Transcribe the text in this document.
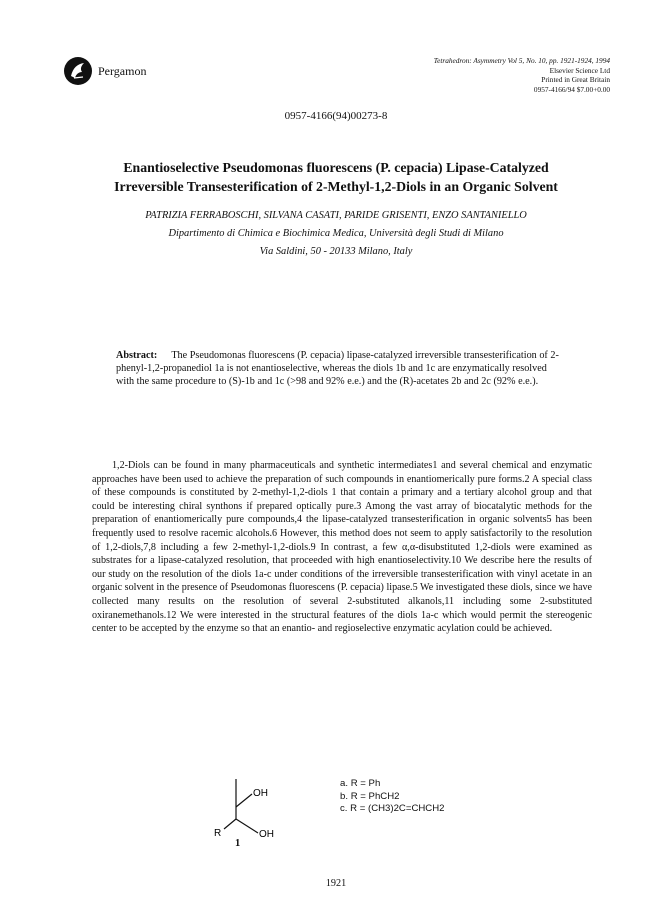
Pergamon
Tetrahedron: Asymmetry Vol 5, No. 10, pp. 1921-1924, 1994
Elsevier Science Ltd
Printed in Great Britain
0957-4166/94 $7.00+0.00
0957-4166(94)00273-8
Enantioselective Pseudomonas fluorescens (P. cepacia) Lipase-Catalyzed
Irreversible Transesterification of 2-Methyl-1,2-Diols in an Organic Solvent
PATRIZIA FERRABOSCHI, SILVANA CASATI, PARIDE GRISENTI, ENZO SANTANIELLO
Dipartimento di Chimica e Biochimica Medica, Università degli Studi di Milano
Via Saldini, 50 - 20133 Milano, Italy
Abstract: The Pseudomonas fluorescens (P. cepacia) lipase-catalyzed irreversible transesterification of 2-phenyl-1,2-propanediol 1a is not enantioselective, whereas the diols 1b and 1c are enzymatically resolved with the same procedure to (S)-1b and 1c (>98 and 92% e.e.) and the (R)-acetates 2b and 2c (92% e.e.).
1,2-Diols can be found in many pharmaceuticals and synthetic intermediates1 and several chemical and enzymatic approaches have been used to achieve the preparation of such compounds in enantiomerically pure forms.2 A special class of these compounds is constituted by 2-methyl-1,2-diols 1 that contain a primary and a tertiary alcohol group and that could be interesting chiral synthons if prepared optically pure.3 Among the vast array of biocatalytic methods for the preparation of enantiomerically pure compounds,4 the lipase-catalyzed transesterification in organic solvents5 has been frequently used to resolve racemic alcohols.6 However, this method does not seem to apply satisfactorily to the resolution of 1,2-diols,7,8 including a few 2-methyl-1,2-diols.9 In contrast, a few α,α-disubstituted 1,2-diols were examined as substrates for a lipase-catalyzed resolution, that proceeded with high enantioselectivity.10 We describe here the results of our study on the resolution of the diols 1a-c under conditions of the irreversible transesterification with vinyl acetate in an organic solvent in the presence of Pseudomonas fluorescens (P. cepacia) lipase.5 We investigated these diols, since we have collected many results on the resolution of several 2-substituted alkanols,11 including some 2-substituted oxiranemethanols.12 We were interested in the structural features of the diols 1a-c which would permit the stereogenic center to be accepted by the enzyme so that an enantio- and regioselective enzymatic acylation could be achieved.
OH
OH
R
1
a. R = Ph
b. R = PhCH2
c. R = (CH3)2C=CHCH2
1921
